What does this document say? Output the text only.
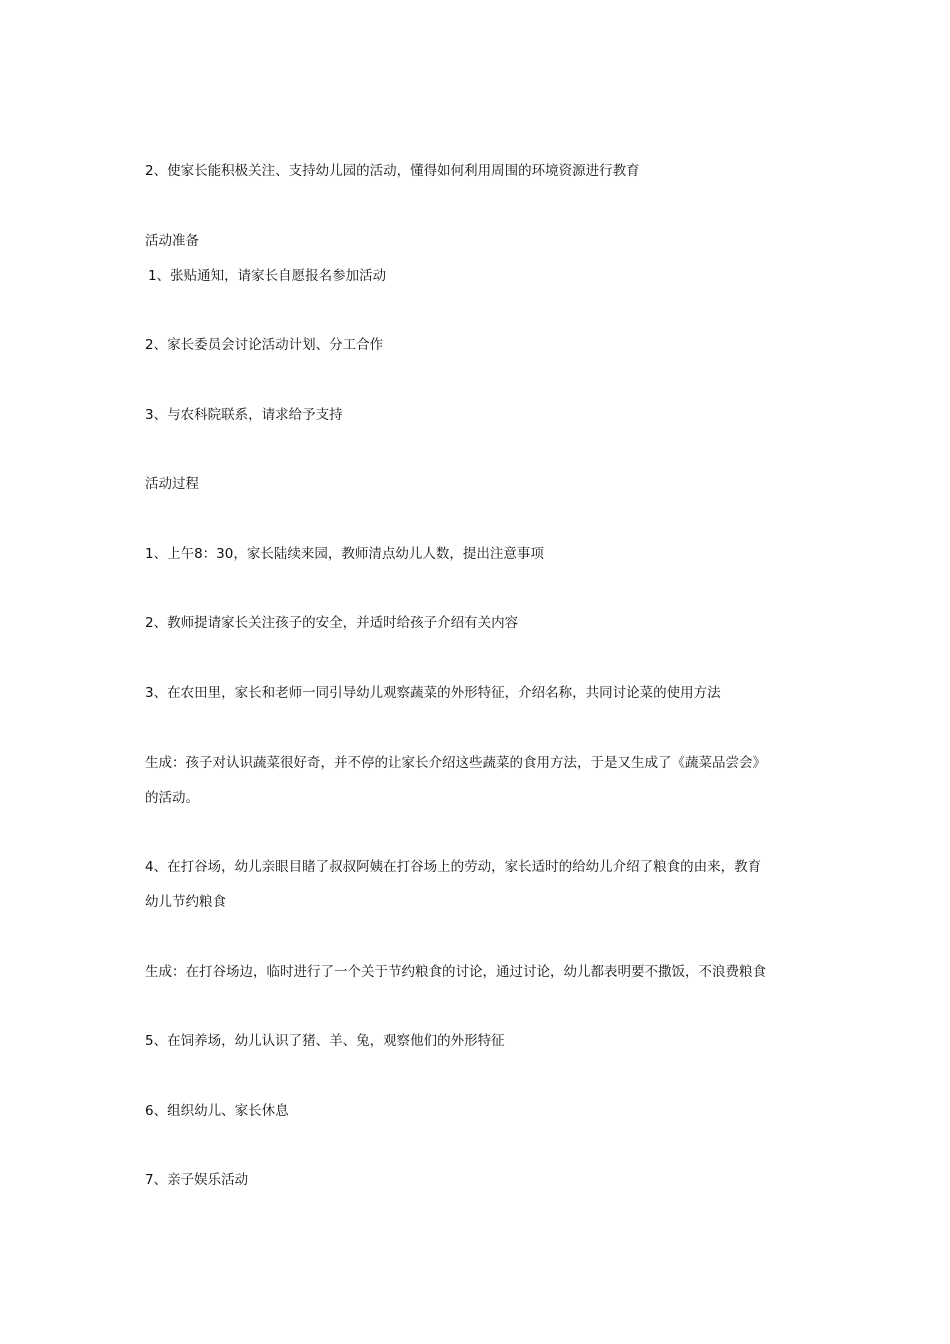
2、使家长能积极关注、支持幼儿园的活动，懂得如何利用周围的环境资源进行教育
活动准备
1、张贴通知，请家长自愿报名参加活动
2、家长委员会讨论活动计划、分工合作
3、与农科院联系，请求给予支持
活动过程
1、上午8：30，家长陆续来园，教师清点幼儿人数，提出注意事项
2、教师提请家长关注孩子的安全，并适时给孩子介绍有关内容
3、在农田里，家长和老师一同引导幼儿观察蔬菜的外形特征，介绍名称，共同讨论菜的使用方法
生成：孩子对认识蔬菜很好奇，并不停的让家长介绍这些蔬菜的食用方法，于是又生成了《蔬菜品尝会》
的活动。
4、在打谷场，幼儿亲眼目睹了叔叔阿姨在打谷场上的劳动，家长适时的给幼儿介绍了粮食的由来，教育
幼儿节约粮食
生成：在打谷场边，临时进行了一个关于节约粮食的讨论，通过讨论，幼儿都表明要不撒饭，不浪费粮食
5、在饲养场，幼儿认识了猪、羊、兔，观察他们的外形特征
6、组织幼儿、家长休息
7、亲子娱乐活动
